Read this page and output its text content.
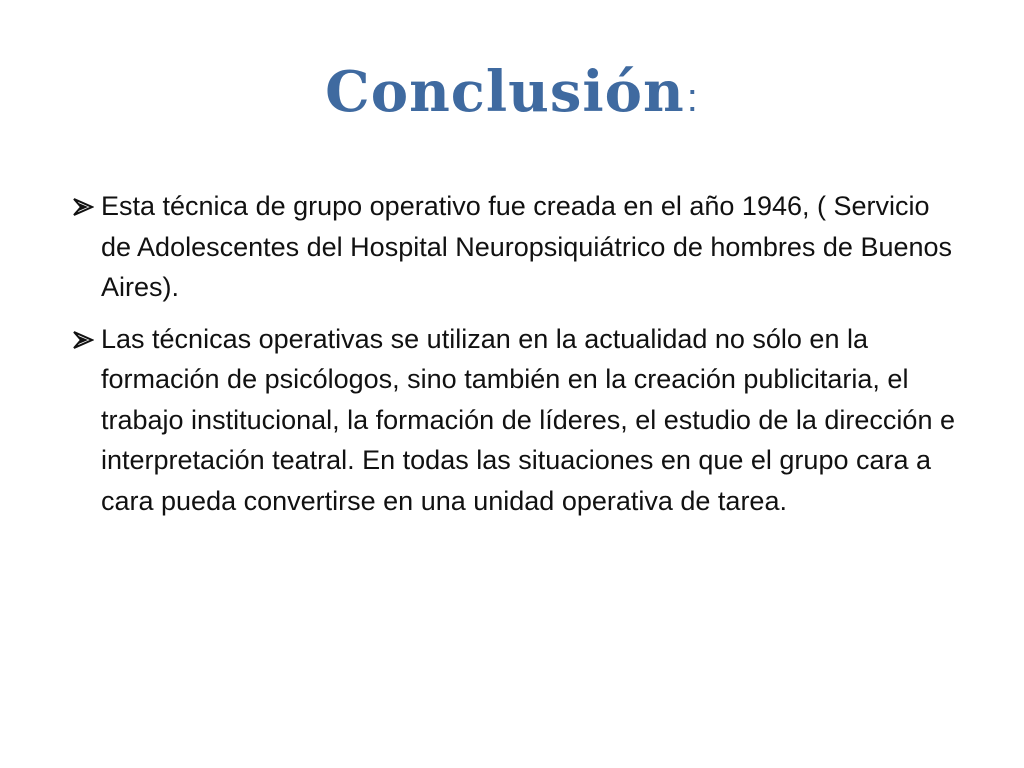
Conclusión:
Esta técnica de grupo operativo fue creada en el año 1946, ( Servicio de Adolescentes del Hospital Neuropsiquiátrico de hombres de Buenos Aires).
Las técnicas operativas se utilizan en la actualidad no sólo en la formación de psicólogos, sino también en la creación publicitaria, el trabajo institucional, la formación de líderes, el estudio de la dirección e interpretación teatral. En todas las situaciones en que el grupo cara a cara pueda convertirse en una unidad operativa de tarea.
